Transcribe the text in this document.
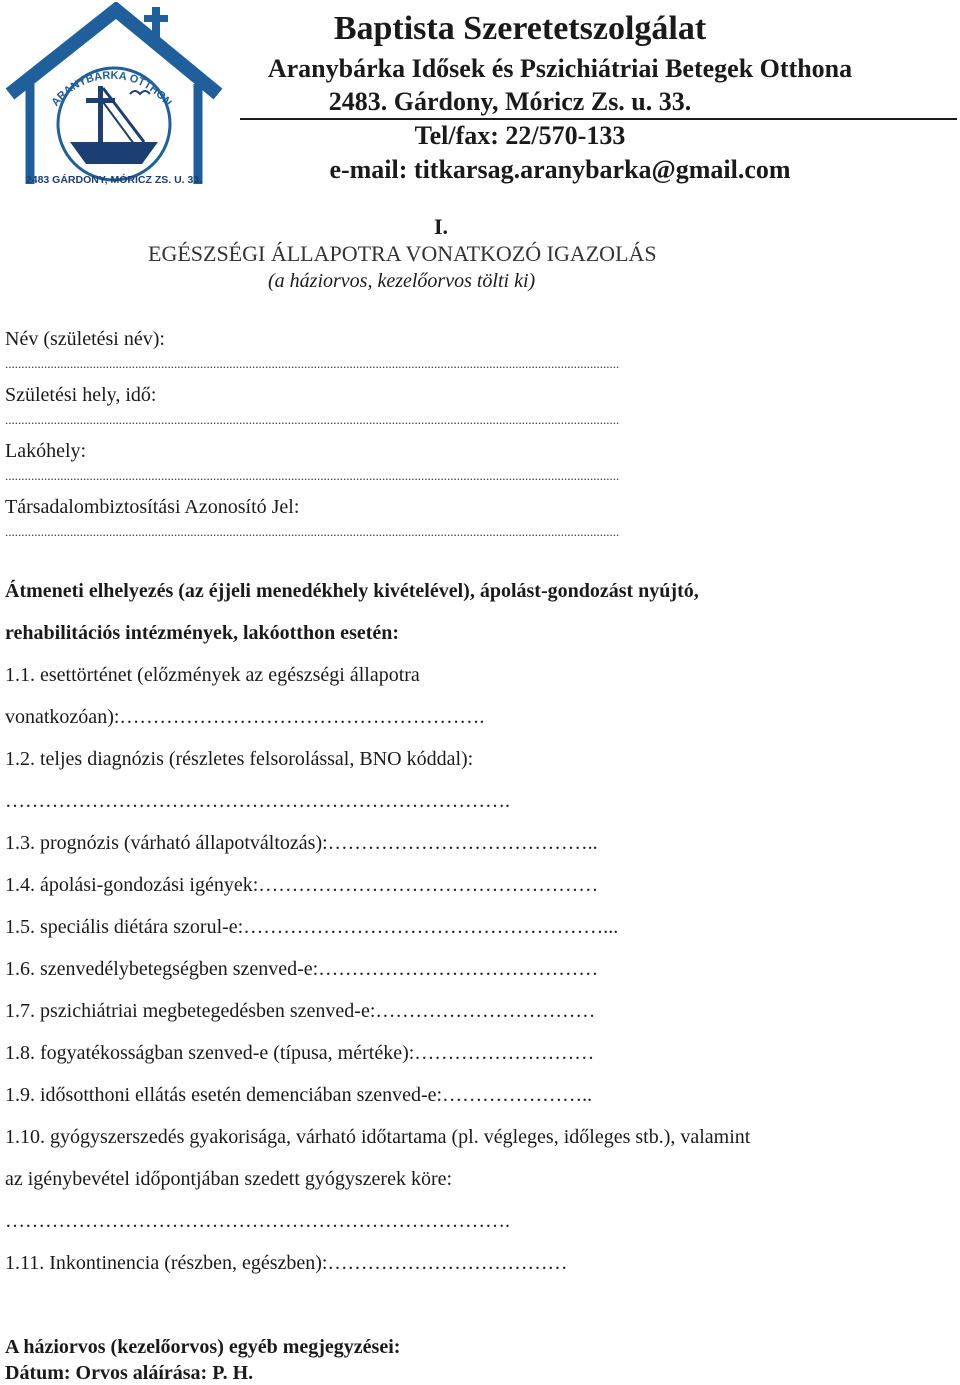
ARANYBÁRKA OTTHON
2483 GÁRDONY, MÓRICZ ZS. U. 33.
Baptista Szeretetszolgálat
Aranybárka Idősek és Pszichiátriai Betegek Otthona
2483. Gárdony, Móricz Zs. u. 33.
Tel/fax: 22/570-133
e-mail: titkarsag.aranybarka@gmail.com
I.
EGÉSZSÉGI ÁLLAPOTRA VONATKOZÓ IGAZOLÁS
(a háziorvos, kezelőorvos tölti ki)
Név (születési név):
.............................................................................................................................................................................................
Születési hely, idő:
.............................................................................................................................................................................................
Lakóhely:
.............................................................................................................................................................................................
Társadalombiztosítási Azonosító Jel:
.............................................................................................................................................................................................
Átmeneti elhelyezés (az éjjeli menedékhely kivételével), ápolást-gondozást nyújtó,
rehabilitációs intézmények, lakóotthon esetén:
1.1. esettörténet (előzmények az egészségi állapotra
vonatkozóan):……………………………………………….
1.2. teljes diagnózis (részletes felsorolással, BNO kóddal):
………………………………………………………………….
1.3. prognózis (várható állapotváltozás):…………………………………..
1.4. ápolási-gondozási igények:……………………………………………
1.5. speciális diétára szorul-e:………………………………………………...
1.6. szenvedélybetegségben szenved-e:……………………………………
1.7. pszichiátriai megbetegedésben szenved-e:……………………………
1.8. fogyatékosságban szenved-e (típusa, mértéke):………………………
1.9. idősotthoni ellátás esetén demenciában szenved-e:…………………..
1.10. gyógyszerszedés gyakorisága, várható időtartama (pl. végleges, időleges stb.), valamint
az igénybevétel időpontjában szedett gyógyszerek köre:
………………………………………………………………….
1.11. Inkontinencia (részben, egészben):………………………………
A háziorvos (kezelőorvos) egyéb megjegyzései:
Dátum: Orvos aláírása: P. H.
